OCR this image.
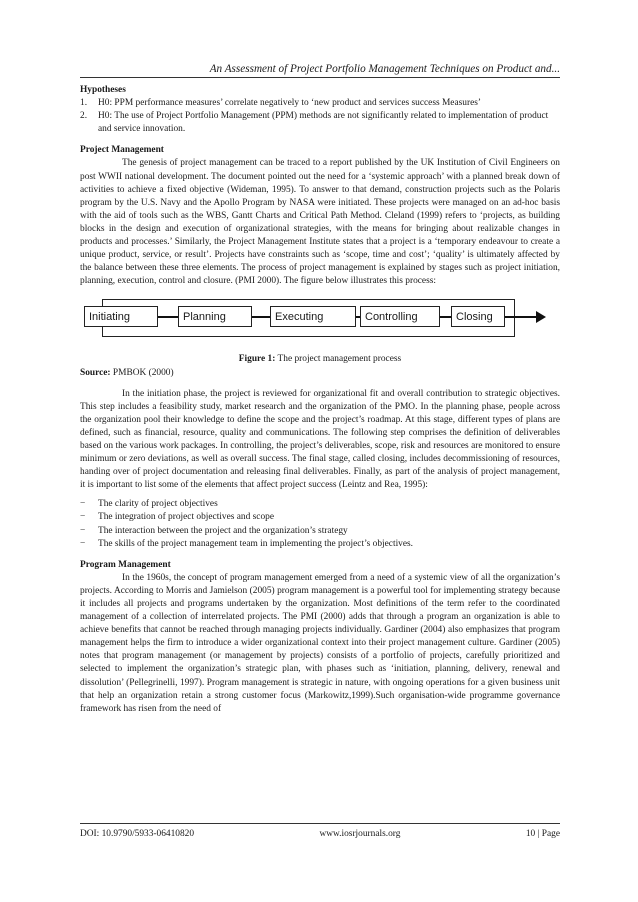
An Assessment of Project Portfolio Management Techniques on Product and...
Hypotheses
1.	H0: PPM performance measures’ correlate negatively to ‘new product and services success Measures’
2.	H0: The use of Project Portfolio Management (PPM) methods are not significantly related to implementation of product and service innovation.
Project Management

The genesis of project management can be traced to a report published by the UK Institution of Civil Engineers on post WWII national development. The document pointed out the need for a ‘systemic approach’ with a planned break down of activities to achieve a fixed objective (Wideman, 1995). To answer to that demand, construction projects such as the Polaris program by the U.S. Navy and the Apollo Program by NASA were initiated. These projects were managed on an ad-hoc basis with the aid of tools such as the WBS, Gantt Charts and Critical Path Method. Cleland (1999) refers to ‘projects, as building blocks in the design and execution of organizational strategies, with the means for bringing about realizable changes in products and processes.’ Similarly, the Project Management Institute states that a project is a ‘temporary endeavour to create a unique product, service, or result’. Projects have constraints such as ‘scope, time and cost’; ‘quality’ is ultimately affected by the balance between these three elements. The process of project management is explained by stages such as project initiation, planning, execution, control and closure. (PMI 2000). The figure below illustrates this process:

Initiating	Planning	Executing	Controlling	Closing

Figure 1: The project management process

Source: PMBOK (2000)

In the initiation phase, the project is reviewed for organizational fit and overall contribution to strategic objectives. This step includes a feasibility study, market research and the organization of the PMO. In the planning phase, people across the organization pool their knowledge to define the scope and the project’s roadmap. At this stage, different types of plans are defined, such as financial, resource, quality and communications. The following step comprises the definition of deliverables based on the various work packages. In controlling, the project’s deliverables, scope, risk and resources are monitored to ensure minimum or zero deviations, as well as overall success. The final stage, called closing, includes decommissioning of resources, handing over of project documentation and releasing final deliverables. Finally, as part of the analysis of project management, it is important to list some of the elements that affect project success (Leintz and Rea, 1995):

−	The clarity of project objectives
−	The integration of project objectives and scope
−	The interaction between the project and the organization’s strategy
−	The skills of the project management team in implementing the project’s objectives.
Program Management

In the 1960s, the concept of program management emerged from a need of a systemic view of all the organization’s projects. According to Morris and Jamielson (2005) program management is a powerful tool for implementing strategy because it includes all projects and programs undertaken by the organization. Most definitions of the term refer to the coordinated management of a collection of interrelated projects. The PMI (2000) adds that through a program an organization is able to achieve benefits that cannot be reached through managing projects individually. Gardiner (2004) also emphasizes that program management helps the firm to introduce a wider organizational context into their project management culture. Gardiner (2005) notes that program management (or management by projects) consists of a portfolio of projects, carefully prioritized and selected to implement the organization’s strategic plan, with phases such as ‘initiation, planning, delivery, renewal and dissolution’ (Pellegrinelli, 1997). Program management is strategic in nature, with ongoing operations for a given business unit that help an organization retain a strong customer focus (Markowitz,1999).Such organisation-wide programme governance framework has risen from the need of

DOI: 10.9790/5933-06410820	www.iosrjournals.org	10 | Page
